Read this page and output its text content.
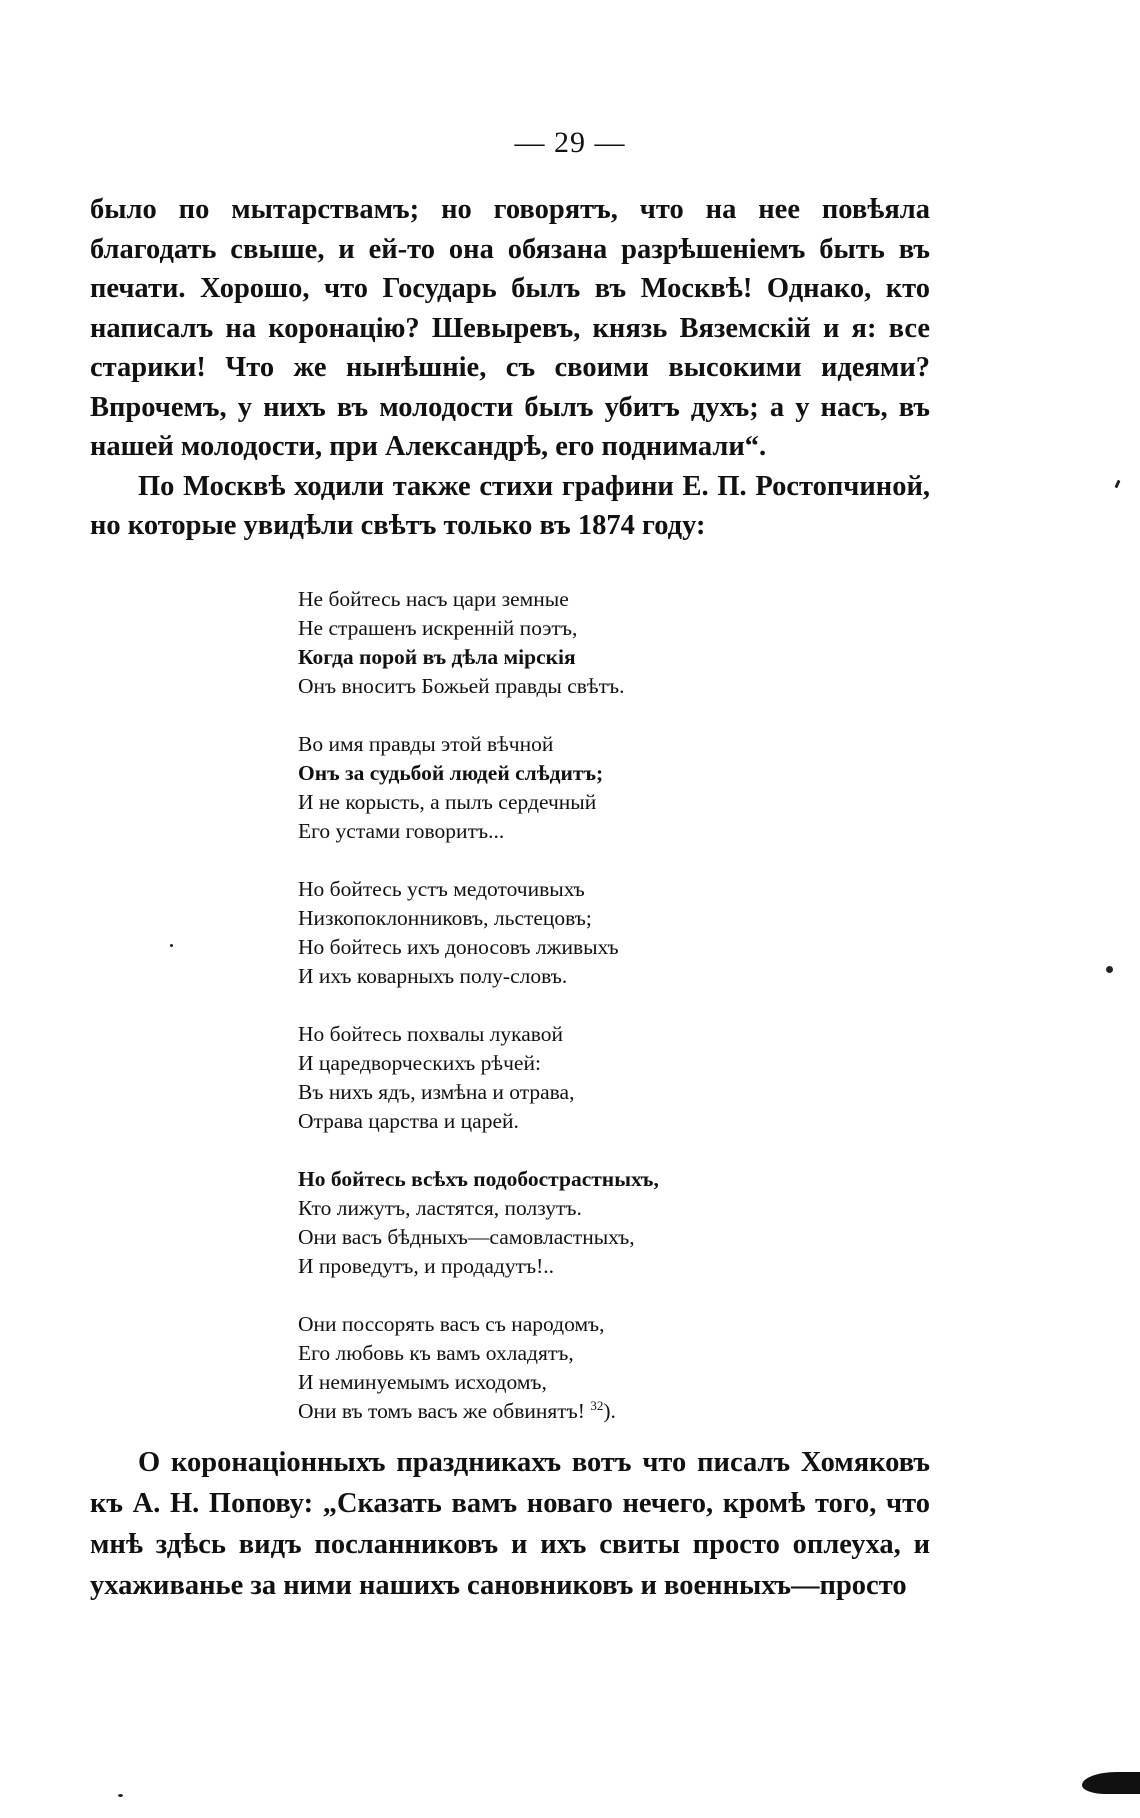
— 29 —

было по мытарствамъ; но говорятъ, что на нее повѣяла благодать свыше, и ей-то она обязана разрѣшеніемъ быть въ печати. Хорошо, что Государь былъ въ Москвѣ! Однако, кто написалъ на коронацію? Шевыревъ, князь Вяземскій и я: все старики! Что же нынѣшніе, съ своими высокими идеями? Впрочемъ, у нихъ въ молодости былъ убитъ духъ; а у насъ, въ нашей молодости, при Александрѣ, его поднимали“.

По Москвѣ ходили также стихи графини Е. П. Ростопчиной, но которые увидѣли свѣтъ только въ 1874 году:

Не бойтесь насъ цари земные
Не страшенъ искренній поэтъ,
Когда порой въ дѣла мірскія
Онъ вноситъ Божьей правды свѣтъ.
Во имя правды этой вѣчной
Онъ за судьбой людей слѣдитъ;
И не корысть, а пылъ сердечный
Его устами говоритъ...
Но бойтесь устъ медоточивыхъ
Низкопоклонниковъ, льстецовъ;
Но бойтесь ихъ доносовъ лживыхъ
И ихъ коварныхъ полу-словъ.
Но бойтесь похвалы лукавой
И царедворческихъ рѣчей:
Въ нихъ ядъ, измѣна и отрава,
Отрава царства и царей.
Но бойтесь всѣхъ подобострастныхъ,
Кто лижутъ, ластятся, ползутъ.
Они васъ бѣдныхъ—самовластныхъ,
И проведутъ, и продадутъ!..
Они поссорять васъ съ народомъ,
Его любовь къ вамъ охладятъ,
И неминуемымъ исходомъ,
Они въ томъ васъ же обвинятъ! $^{32}$).

О коронаціонныхъ праздникахъ вотъ что писалъ Хомяковъ къ А. Н. Попову: „Сказать вамъ новаго нечего, кромѣ того, что мнѣ здѣсь видъ посланниковъ и ихъ свиты просто оплеуха, и ухаживанье за ними нашихъ сановниковъ и военныхъ—просто
